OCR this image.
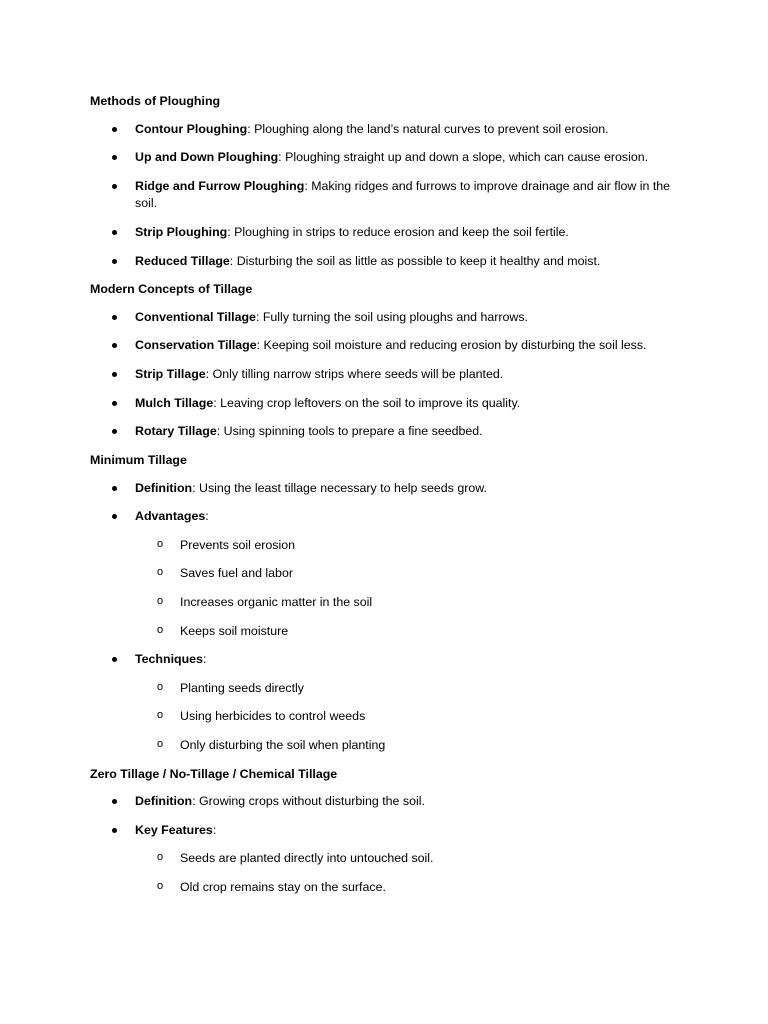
Methods of Ploughing
Contour Ploughing: Ploughing along the land’s natural curves to prevent soil erosion.
Up and Down Ploughing: Ploughing straight up and down a slope, which can cause erosion.
Ridge and Furrow Ploughing: Making ridges and furrows to improve drainage and air flow in the soil.
Strip Ploughing: Ploughing in strips to reduce erosion and keep the soil fertile.
Reduced Tillage: Disturbing the soil as little as possible to keep it healthy and moist.
Modern Concepts of Tillage
Conventional Tillage: Fully turning the soil using ploughs and harrows.
Conservation Tillage: Keeping soil moisture and reducing erosion by disturbing the soil less.
Strip Tillage: Only tilling narrow strips where seeds will be planted.
Mulch Tillage: Leaving crop leftovers on the soil to improve its quality.
Rotary Tillage: Using spinning tools to prepare a fine seedbed.
Minimum Tillage
Definition: Using the least tillage necessary to help seeds grow.
Advantages:
o Prevents soil erosion
o Saves fuel and labor
o Increases organic matter in the soil
o Keeps soil moisture
Techniques:
o Planting seeds directly
o Using herbicides to control weeds
o Only disturbing the soil when planting
Zero Tillage / No-Tillage / Chemical Tillage
Definition: Growing crops without disturbing the soil.
Key Features:
o Seeds are planted directly into untouched soil.
o Old crop remains stay on the surface.
